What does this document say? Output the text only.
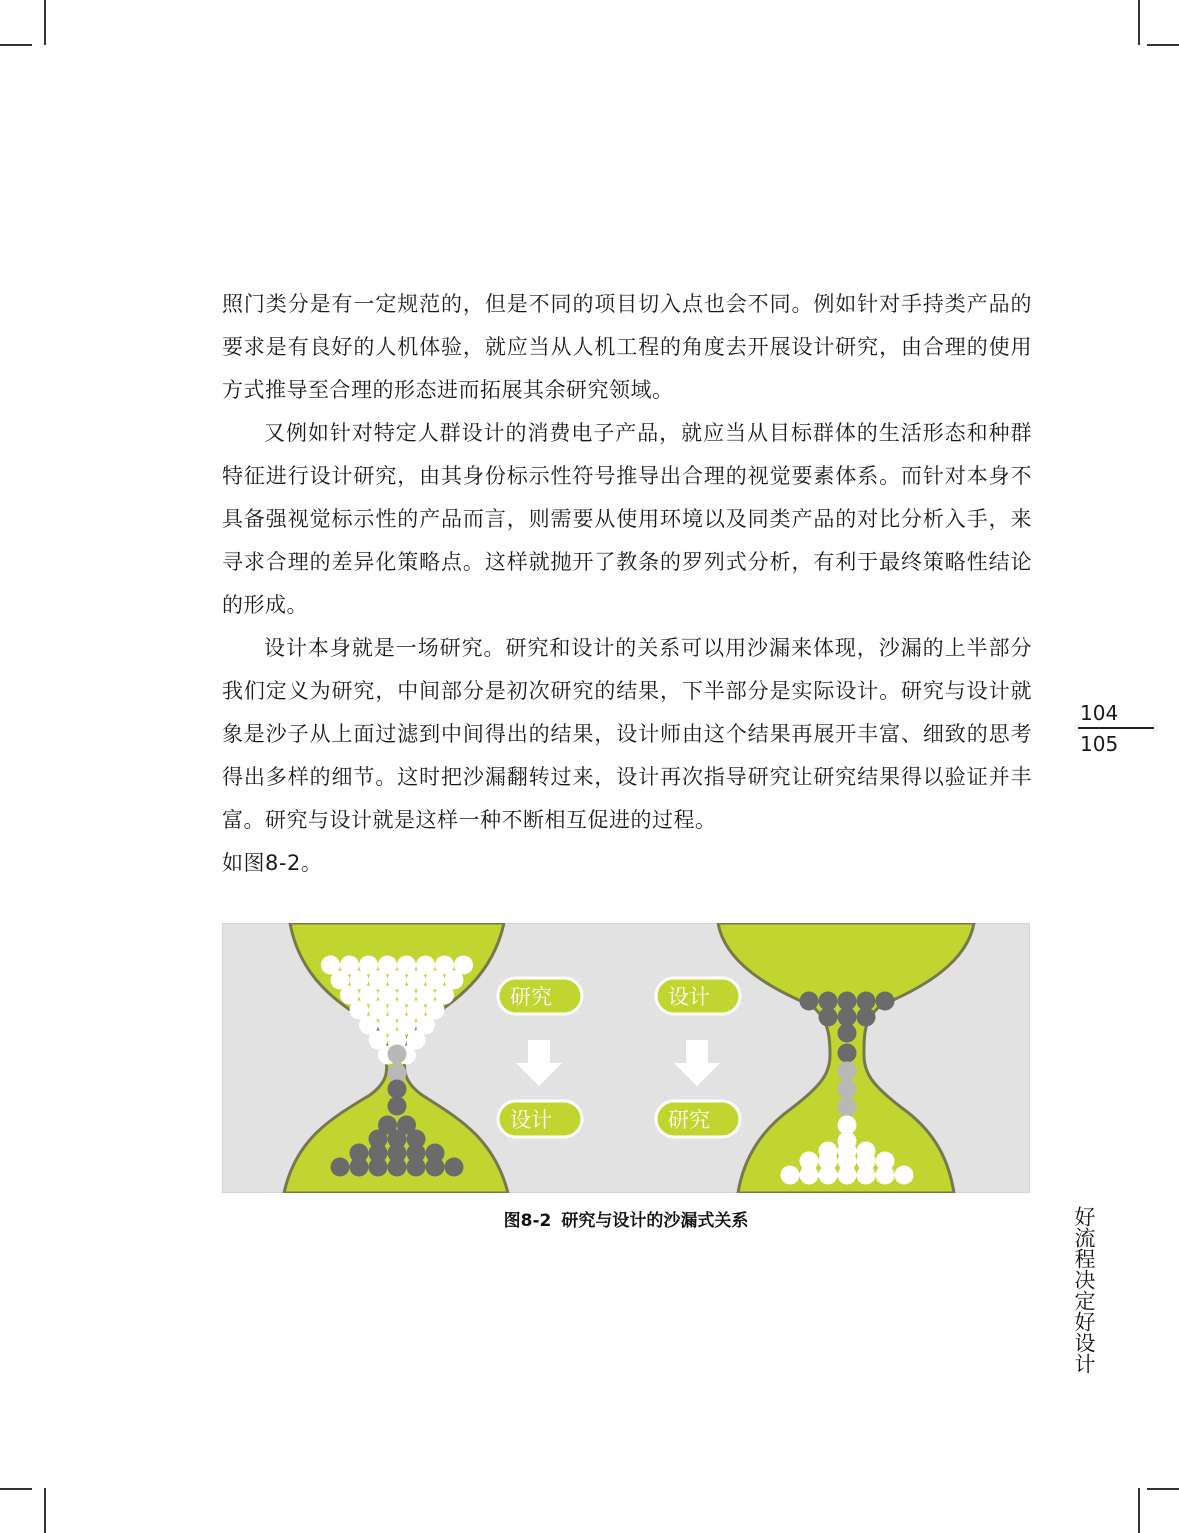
照门类分是有一定规范的，但是不同的项目切入点也会不同。例如针对手持类产品的要求是有良好的人机体验，就应当从人机工程的角度去开展设计研究，由合理的使用方式推导至合理的形态进而拓展其余研究领域。

又例如针对特定人群设计的消费电子产品，就应当从目标群体的生活形态和种群特征进行设计研究，由其身份标示性符号推导出合理的视觉要素体系。而针对本身不具备强视觉标示性的产品而言，则需要从使用环境以及同类产品的对比分析入手，来寻求合理的差异化策略点。这样就抛开了教条的罗列式分析，有利于最终策略性结论的形成。

设计本身就是一场研究。研究和设计的关系可以用沙漏来体现，沙漏的上半部分我们定义为研究，中间部分是初次研究的结果，下半部分是实际设计。研究与设计就象是沙子从上面过滤到中间得出的结果，设计师由这个结果再展开丰富、细致的思考得出多样的细节。这时把沙漏翻转过来，设计再次指导研究让研究结果得以验证并丰富。研究与设计就是这样一种不断相互促进的过程。
如图8-2。

104
105
好流程决定好设计
研究
设计
设计
研究
图8-2 研究与设计的沙漏式关系
